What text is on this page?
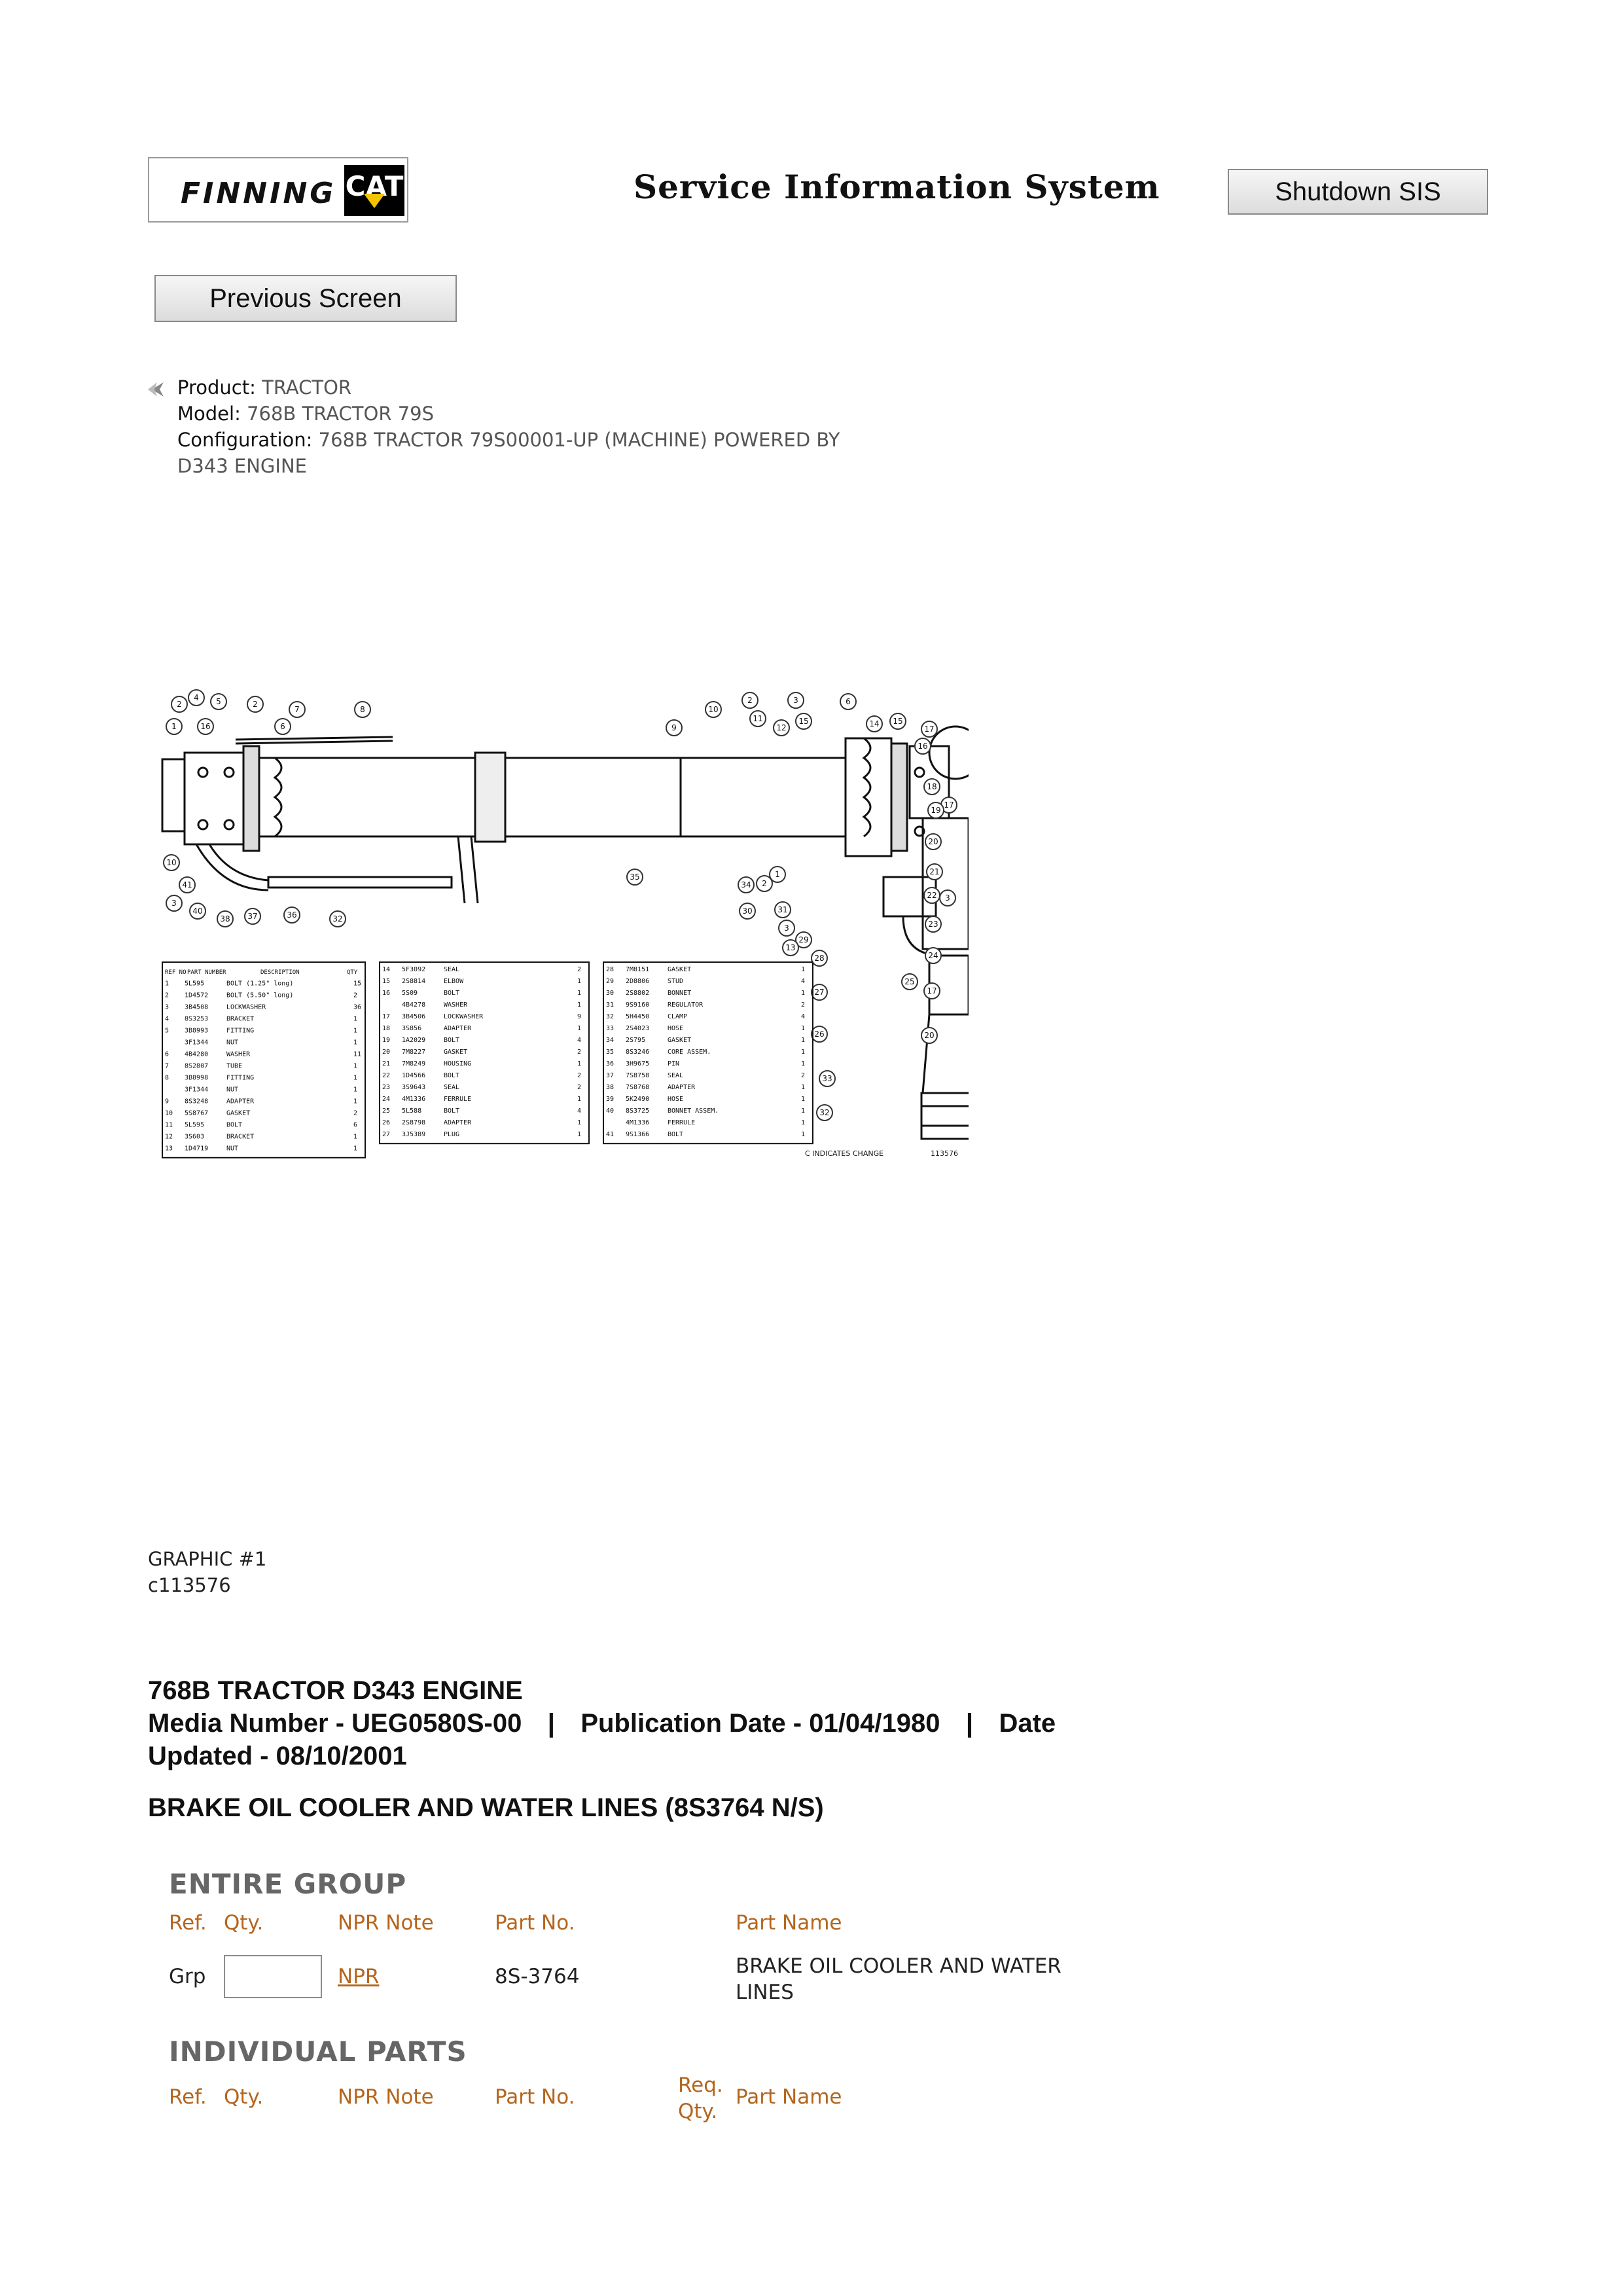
FINNING CAT	Service Information System	Shutdown SIS
Previous Screen
Product: TRACTOR
Model: 768B TRACTOR 79S
Configuration: 768B TRACTOR 79S00001-UP (MACHINE) POWERED BY
D343 ENGINE
2
4 5	2
7	8
1	16	6
10
41
3
40
38 37	36	32
35
9
10
2
11
12
3
15
6
14 15
17
16
18
17
19
20
21
22 3
23
24
25
17
20
27
26
33
32
28
29
13
3
31
30
34 2
1
REF NO PART NUMBER	DESCRIPTION	QTY
1 5L595	BOLT (1.25" long)	15
2 1D4572	BOLT (5.50" long)	2
3 3B4508	LOCKWASHER	36
4 8S3253	BRACKET	1
5 3B8993	FITTING	1
3F1344	NUT	1
6 4B4280	WASHER	11
7 8S2807	TUBE	1
8 3B8998	FITTING	1
3F1344	NUT	1
9 8S3248	ADAPTER	1
10 5S8767	GASKET	2
11 5L595	BOLT	6
12 3S603	BRACKET	1
13 1D4719	NUT	1
14 5F3092	SEAL	2
15 2S8814	ELBOW	1
16 5S09	BOLT	1
4B4278	WASHER	1
17 3B4506	LOCKWASHER	9
18 3S856	ADAPTER	1
19 1A2029	BOLT	4
20 7M8227	GASKET	2
21 7M8249	HOUSING	1
22 1D4566	BOLT	2
23 3S9643	SEAL	2
24 4M1336	FERRULE	1
25 5L588	BOLT	4
26 2S8798	ADAPTER	1
27 3J5389	PLUG	1
28 7M8151	GASKET	1
29 2D8806	STUD	4
30 2S8802	BONNET	1
31 9S9160	REGULATOR	2
32 5H4450	CLAMP	4
33 2S4023	HOSE	1
34 2S795	GASKET	1
35 8S3246	CORE ASSEM.	1
36 3H9675	PIN	1
37 7S8758	SEAL	2
38 7S8768	ADAPTER	1
39 5K2490	HOSE	1
40 8S3725	BONNET ASSEM.	1
4M1336	FERRULE	1
41 9S1366	BOLT	1
C INDICATES CHANGE	113576
GRAPHIC #1
c113576
768B TRACTOR D343 ENGINE
Media Number - UEG0580S-00 | Publication Date - 01/04/1980 | Date
Updated - 08/10/2001
BRAKE OIL COOLER AND WATER LINES (8S3764 N/S)
ENTIRE GROUP
Ref. Qty.	NPR Note	Part No.	Part Name
Grp	NPR	8S-3764	BRAKE OIL COOLER AND WATER
LINES
INDIVIDUAL PARTS
Ref. Qty.	NPR Note	Part No.	Req.
Qty.
Part Name
